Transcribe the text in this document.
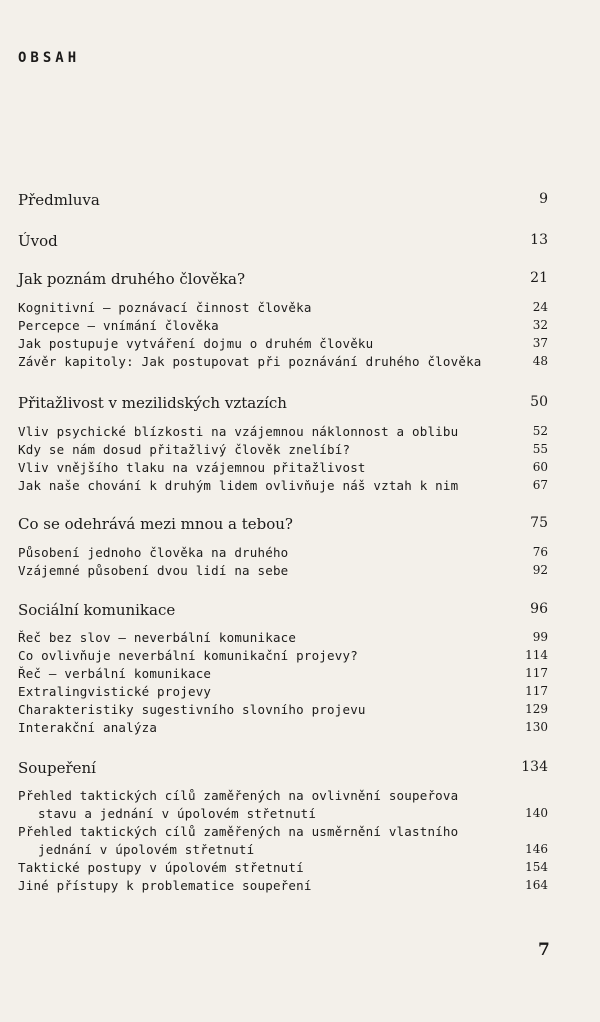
OBSAH
Předmluva	9
Úvod	13
Jak poznám druhého člověka?	21
Kognitivní — poznávací činnost člověka	24
Percepce — vnímání člověka	32
Jak postupuje vytváření dojmu o druhém člověku	37
Závěr kapitoly: Jak postupovat při poznávání druhého člověka	48
Přitažlivost v mezilidských vztazích	50
Vliv psychické blízkosti na vzájemnou náklonnost a oblibu	52
Kdy se nám dosud přitažlivý člověk znelíbí?	55
Vliv vnějšího tlaku na vzájemnou přitažlivost	60
Jak naše chování k druhým lidem ovlivňuje náš vztah k nim	67
Co se odehrává mezi mnou a tebou?	75
Působení jednoho člověka na druhého	76
Vzájemné působení dvou lidí na sebe	92
Sociální komunikace	96
Řeč bez slov — neverbální komunikace	99
Co ovlivňuje neverbální komunikační projevy?	114
Řeč — verbální komunikace	117
Extralingvistické projevy	117
Charakteristiky sugestivního slovního projevu	129
Interakční analýza	130
Soupeření	134
Přehled taktických cílů zaměřených na ovlivnění soupeřova
stavu a jednání v úpolovém střetnutí	140
Přehled taktických cílů zaměřených na usměrnění vlastního
jednání v úpolovém střetnutí	146
Taktické postupy v úpolovém střetnutí	154
Jiné přístupy k problematice soupeření	164
7
